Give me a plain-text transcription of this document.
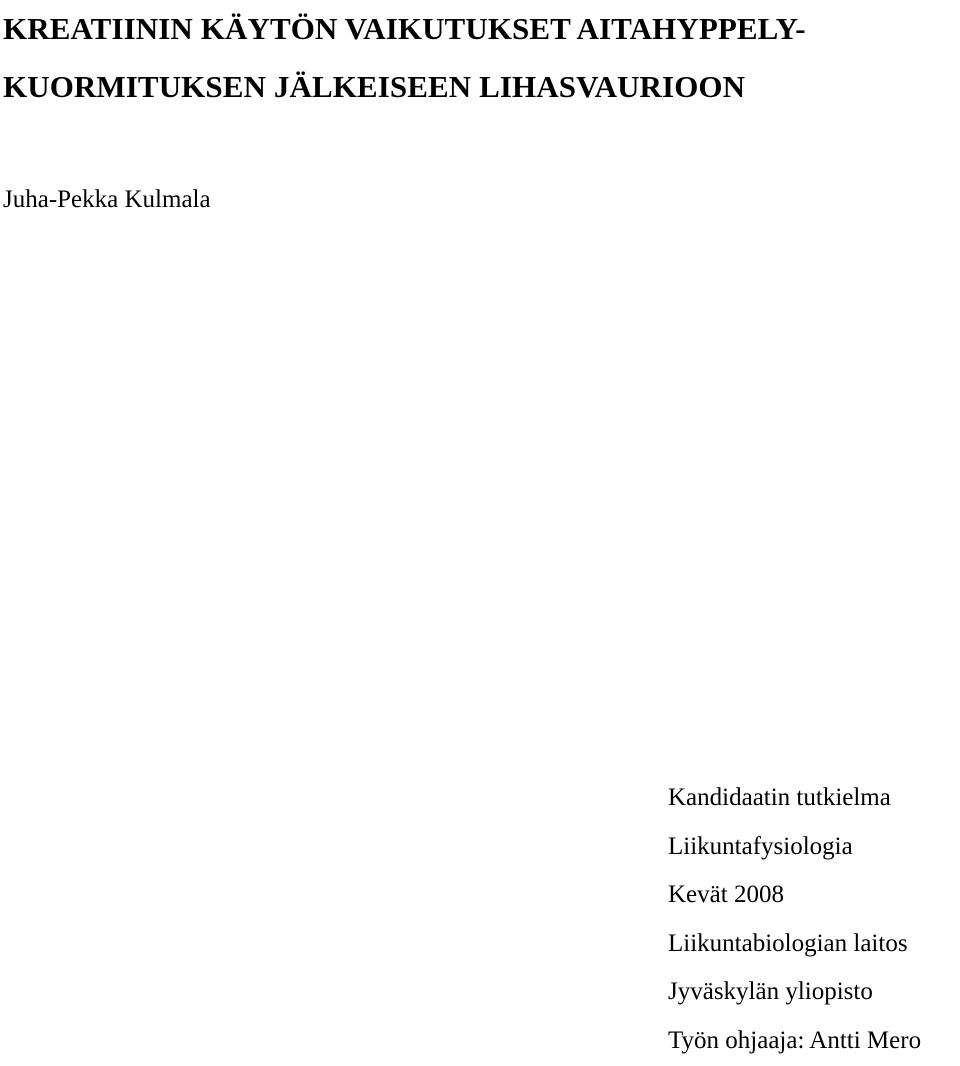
KREATIININ KÄYTÖN VAIKUTUKSET AITAHYPPELY-
KUORMITUKSEN JÄLKEISEEN LIHASVAURIOON
Juha-Pekka Kulmala
Kandidaatin tutkielma
Liikuntafysiologia
Kevät 2008
Liikuntabiologian laitos
Jyväskylän yliopisto
Työn ohjaaja: Antti Mero
